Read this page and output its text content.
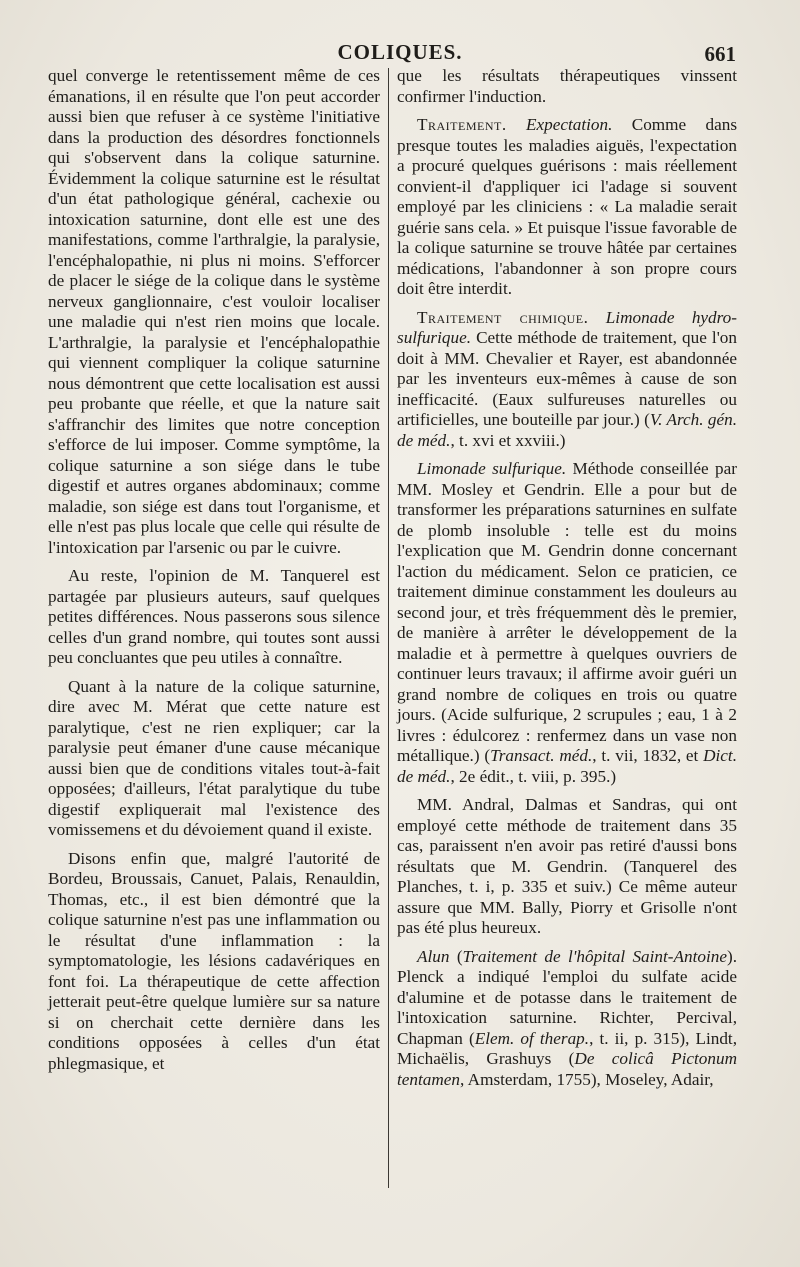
COLIQUES.	661

quel converge le retentissement même de ces émanations, il en résulte que l'on peut accorder aussi bien que refuser à ce système l'initiative dans la production des désordres fonctionnels qui s'observent dans la colique saturnine. Évidemment la colique saturnine est le résultat d'un état pathologique général, cachexie ou intoxication saturnine, dont elle est une des manifestations, comme l'arthralgie, la paralysie, l'encéphalopathie, ni plus ni moins. S'efforcer de placer le siége de la colique dans le système nerveux ganglionnaire, c'est vouloir localiser une maladie qui n'est rien moins que locale. L'arthralgie, la paralysie et l'encéphalopathie qui viennent compliquer la colique saturnine nous démontrent que cette localisation est aussi peu probante que réelle, et que la nature sait s'affranchir des limites que notre conception s'efforce de lui imposer. Comme symptôme, la colique saturnine a son siége dans le tube digestif et autres organes abdominaux; comme maladie, son siége est dans tout l'organisme, et elle n'est pas plus locale que celle qui résulte de l'intoxication par l'arsenic ou par le cuivre.

Au reste, l'opinion de M. Tanquerel est partagée par plusieurs auteurs, sauf quelques petites différences. Nous passerons sous silence celles d'un grand nombre, qui toutes sont aussi peu concluantes que peu utiles à connaître.

Quant à la nature de la colique saturnine, dire avec M. Mérat que cette nature est paralytique, c'est ne rien expliquer; car la paralysie peut émaner d'une cause mécanique aussi bien que de conditions vitales tout-à-fait opposées; d'ailleurs, l'état paralytique du tube digestif expliquerait mal l'existence des vomissemens et du dévoiement quand il existe.

Disons enfin que, malgré l'autorité de Bordeu, Broussais, Canuet, Palais, Renauldin, Thomas, etc., il est bien démontré que la colique saturnine n'est pas une inflammation ou le résultat d'une inflammation : la symptomatologie, les lésions cadavériques en font foi. La thérapeutique de cette affection jetterait peut-être quelque lumière sur sa nature si on cherchait cette dernière dans les conditions opposées à celles d'un état phlegmasique, et

que les résultats thérapeutiques vinssent confirmer l'induction.

Traitement. Expectation. Comme dans presque toutes les maladies aiguës, l'expectation a procuré quelques guérisons : mais réellement convient-il d'appliquer ici l'adage si souvent employé par les cliniciens : « La maladie serait guérie sans cela. » Et puisque l'issue favorable de la colique saturnine se trouve hâtée par certaines médications, l'abandonner à son propre cours doit être interdit.

Traitement chimique. Limonade hydro-sulfurique. Cette méthode de traitement, que l'on doit à MM. Chevalier et Rayer, est abandonnée par les inventeurs eux-mêmes à cause de son inefficacité. (Eaux sulfureuses naturelles ou artificielles, une bouteille par jour.) (V. Arch. gén. de méd., t. xvi et xxviii.)

Limonade sulfurique. Méthode conseillée par MM. Mosley et Gendrin. Elle a pour but de transformer les préparations saturnines en sulfate de plomb insoluble : telle est du moins l'explication que M. Gendrin donne concernant l'action du médicament. Selon ce praticien, ce traitement diminue constamment les douleurs au second jour, et très fréquemment dès le premier, de manière à arrêter le développement de la maladie et à permettre à quelques ouvriers de continuer leurs travaux; il affirme avoir guéri un grand nombre de coliques en trois ou quatre jours. (Acide sulfurique, 2 scrupules ; eau, 1 à 2 livres : édulcorez : renfermez dans un vase non métallique.) (Transact. méd., t. vii, 1832, et Dict. de méd., 2e édit., t. viii, p. 395.)

MM. Andral, Dalmas et Sandras, qui ont employé cette méthode de traitement dans 35 cas, paraissent n'en avoir pas retiré d'aussi bons résultats que M. Gendrin. (Tanquerel des Planches, t. i, p. 335 et suiv.) Ce même auteur assure que MM. Bally, Piorry et Grisolle n'ont pas été plus heureux.

Alun (Traitement de l'hôpital Saint-Antoine). Plenck a indiqué l'emploi du sulfate acide d'alumine et de potasse dans le traitement de l'intoxication saturnine. Richter, Percival, Chapman (Elem. of therap., t. ii, p. 315), Lindt, Michaëlis, Grashuys (De colicâ Pictonum tentamen, Amsterdam, 1755), Moseley, Adair,
